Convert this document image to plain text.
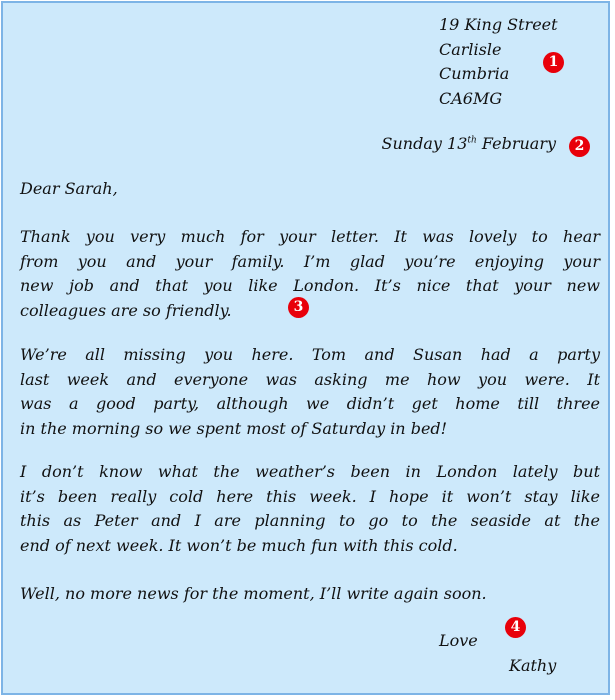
19 King Street
Carlisle
Cumbria
CA6MG
1
Sunday 13th February	2
Dear Sarah,
Thank you very much for your letter. It was lovely to hear
from you and your family. I’m glad you’re enjoying your
new job and that you like London. It’s nice that your new
colleagues are so friendly.	3
We’re all missing you here. Tom and Susan had a party
last week and everyone was asking me how you were. It
was a good party, although we didn’t get home till three
in the morning so we spent most of Saturday in bed!
I don’t know what the weather’s been in London lately but
it’s been really cold here this week. I hope it won’t stay like
this as Peter and I are planning to go to the seaside at the
end of next week. It won’t be much fun with this cold.
Well, no more news for the moment, I’ll write again soon.
Love
4
Kathy
